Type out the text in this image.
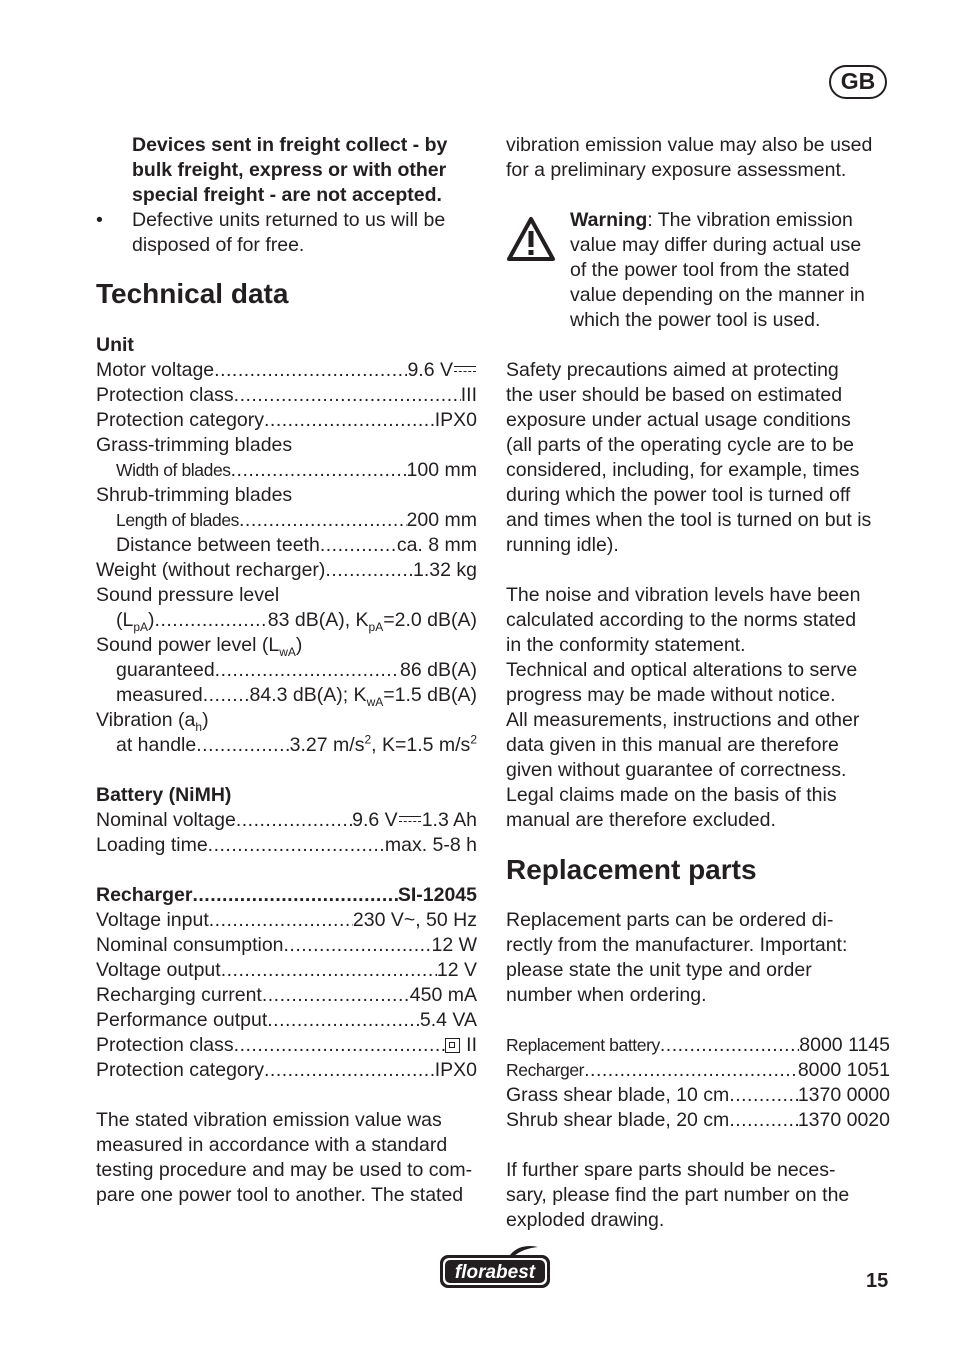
GB
Devices sent in freight collect - by
bulk freight, express or with other
special freight - are not accepted.
• Defective units returned to us will be
disposed of for free.
Technical data
Unit
Motor voltage .....	9.6 V
Protection class .....	III
Protection category .....	IPX0
Grass-trimming blades
Width of blades .....	100 mm
Shrub-trimming blades
Length of blades .....	200 mm
Distance between teeth .....	ca. 8 mm
Weight (without recharger) .....	1.32 kg
Sound pressure level
$(L_{pA})$ .....	83 dB(A), $K_{pA}=2.0$ dB(A)
Sound power level $(L_{wA})$
guaranteed .....	86 dB(A)
measured ..... 84.3 dB(A); $K_{wA}=1.5$ dB(A)
Vibration $(a_h)$
at handle .....	3.27 $m/s^2$, K=1.5 $m/s^2$
Battery (NiMH)
Nominal voltage .....	9.6 V 1.3 Ah
Loading time .....	max. 5-8 h
Recharger .....	SI-12045
Voltage input .....	230 V~, 50 Hz
Nominal consumption .....	12 W
Voltage output .....	12 V
Recharging current .....	450 mA
Performance output .....	5.4 VA
Protection class .....	II
Protection category .....	IPX0
The stated vibration emission value was
measured in accordance with a standard
testing procedure and may be used to com-
pare one power tool to another. The stated
vibration emission value may also be used
for a preliminary exposure assessment.
Warning: The vibration emission
value may differ during actual use
of the power tool from the stated
value depending on the manner in
which the power tool is used.
Safety precautions aimed at protecting
the user should be based on estimated
exposure under actual usage conditions
(all parts of the operating cycle are to be
considered, including, for example, times
during which the power tool is turned off
and times when the tool is turned on but is
running idle).
The noise and vibration levels have been
calculated according to the norms stated
in the conformity statement.
Technical and optical alterations to serve
progress may be made without notice.
All measurements, instructions and other
data given in this manual are therefore
given without guarantee of correctness.
Legal claims made on the basis of this
manual are therefore excluded.
Replacement parts
Replacement parts can be ordered di-
rectly from the manufacturer. Important:
please state the unit type and order
number when ordering.
Replacement battery .....	8000 1145
Recharger .....	8000 1051
Grass shear blade, 10 cm .....	1370 0000
Shrub shear blade, 20 cm .....	1370 0020
If further spare parts should be neces-
sary, please find the part number on the
exploded drawing.
florabest	15
